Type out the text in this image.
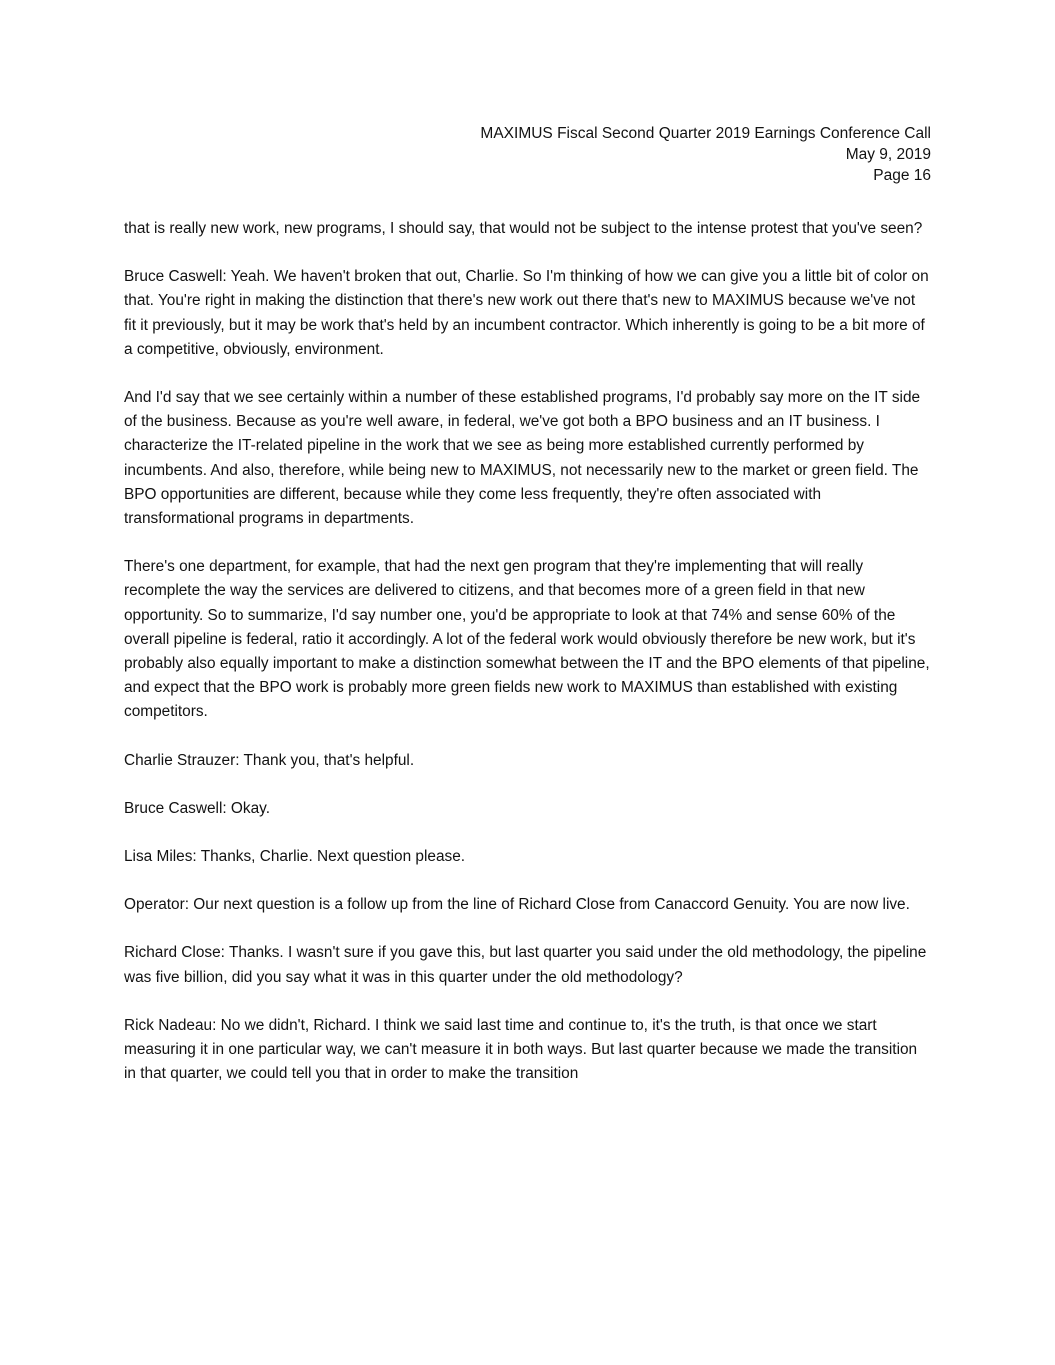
MAXIMUS Fiscal Second Quarter 2019 Earnings Conference Call
May 9, 2019
Page 16

that is really new work, new programs, I should say, that would not be subject to the intense protest that you've seen?

Bruce Caswell: Yeah. We haven't broken that out, Charlie. So I'm thinking of how we can give you a little bit of color on that. You're right in making the distinction that there's new work out there that's new to MAXIMUS because we've not fit it previously, but it may be work that's held by an incumbent contractor. Which inherently is going to be a bit more of a competitive, obviously, environment.

And I'd say that we see certainly within a number of these established programs, I'd probably say more on the IT side of the business. Because as you're well aware, in federal, we've got both a BPO business and an IT business. I characterize the IT-related pipeline in the work that we see as being more established currently performed by incumbents. And also, therefore, while being new to MAXIMUS, not necessarily new to the market or green field. The BPO opportunities are different, because while they come less frequently, they're often associated with transformational programs in departments.

There's one department, for example, that had the next gen program that they're implementing that will really recomplete the way the services are delivered to citizens, and that becomes more of a green field in that new opportunity. So to summarize, I'd say number one, you'd be appropriate to look at that 74% and sense 60% of the overall pipeline is federal, ratio it accordingly. A lot of the federal work would obviously therefore be new work, but it's probably also equally important to make a distinction somewhat between the IT and the BPO elements of that pipeline, and expect that the BPO work is probably more green fields new work to MAXIMUS than established with existing competitors.

Charlie Strauzer: Thank you, that's helpful.

Bruce Caswell: Okay.

Lisa Miles: Thanks, Charlie. Next question please.

Operator: Our next question is a follow up from the line of Richard Close from Canaccord Genuity. You are now live.

Richard Close: Thanks. I wasn't sure if you gave this, but last quarter you said under the old methodology, the pipeline was five billion, did you say what it was in this quarter under the old methodology?

Rick Nadeau: No we didn't, Richard. I think we said last time and continue to, it's the truth, is that once we start measuring it in one particular way, we can't measure it in both ways. But last quarter because we made the transition in that quarter, we could tell you that in order to make the transition
